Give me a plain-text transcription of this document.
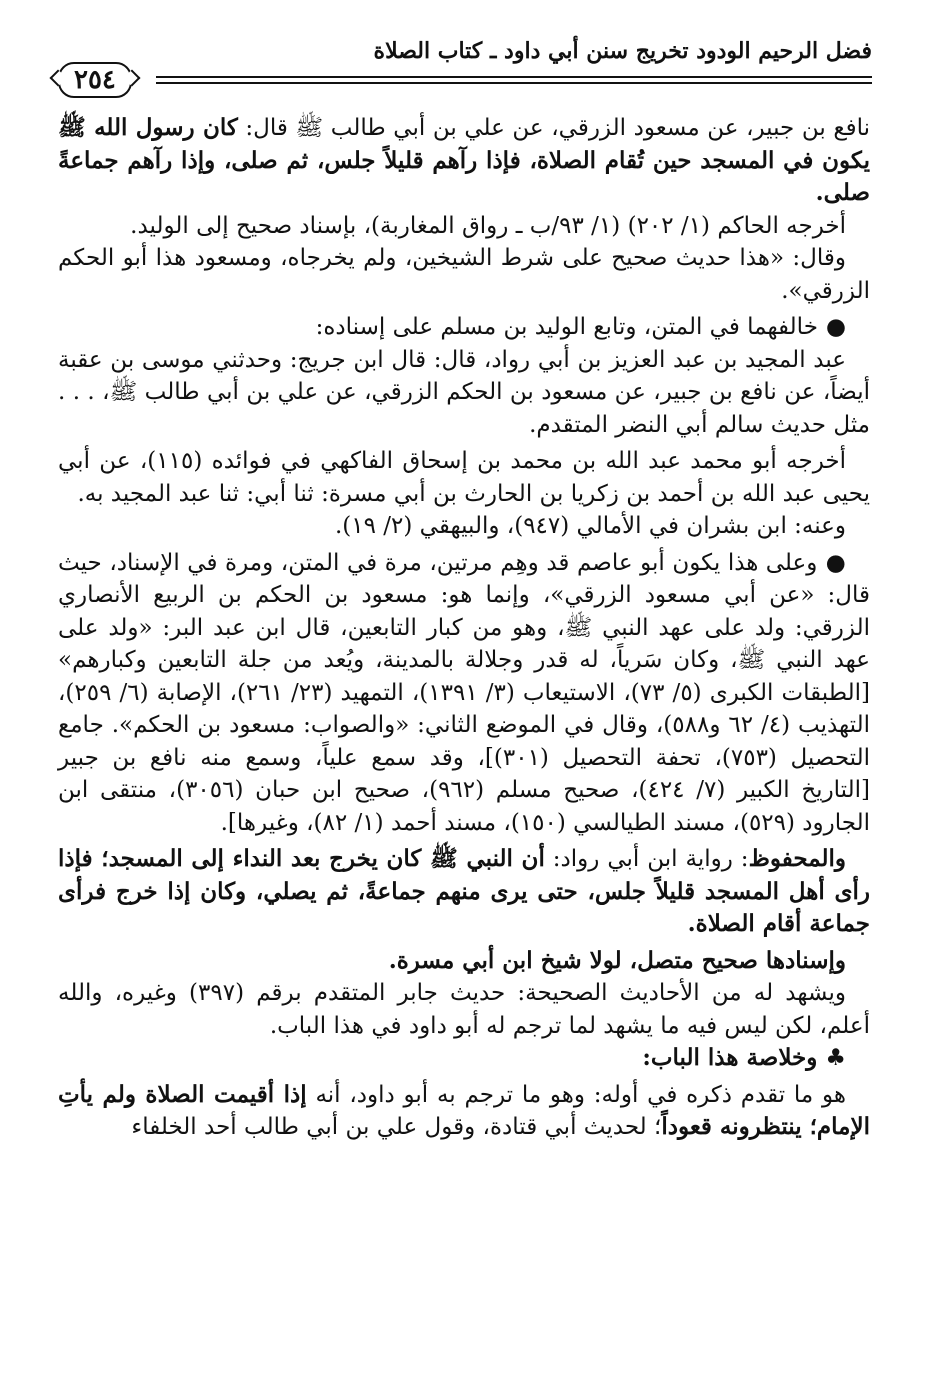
فضل الرحيم الودود تخريج سنن أبي داود ـ كتاب الصلاة
٢٥٤

نافع بن جبير، عن مسعود الزرقي، عن علي بن أبي طالب ﷺ قال: كان رسول الله ﷺ يكون في المسجد حين تُقام الصلاة، فإذا رآهم قليلاً جلس، ثم صلى، وإذا رآهم جماعةً صلى.

أخرجه الحاكم (١/ ٢٠٢) (١/ ٩٣/ب ـ رواق المغاربة)، بإسناد صحيح إلى الوليد.

وقال: «هذا حديث صحيح على شرط الشيخين، ولم يخرجاه، ومسعود هذا أبو الحكم الزرقي».

● خالفهما في المتن، وتابع الوليد بن مسلم على إسناده:

عبد المجيد بن عبد العزيز بن أبي رواد، قال: قال ابن جريج: وحدثني موسى بن عقبة أيضاً، عن نافع بن جبير، عن مسعود بن الحكم الزرقي، عن علي بن أبي طالب ﷺ، . . . مثل حديث سالم أبي النضر المتقدم.

أخرجه أبو محمد عبد الله بن محمد بن إسحاق الفاكهي في فوائده (١١٥)، عن أبي يحيى عبد الله بن أحمد بن زكريا بن الحارث بن أبي مسرة: ثنا أبي: ثنا عبد المجيد به.

وعنه: ابن بشران في الأمالي (٩٤٧)، والبيهقي (٢/ ١٩).

● وعلى هذا يكون أبو عاصم قد وهِم مرتين، مرة في المتن، ومرة في الإسناد، حيث قال: «عن أبي مسعود الزرقي»، وإنما هو: مسعود بن الحكم بن الربيع الأنصاري الزرقي: ولد على عهد النبي ﷺ، وهو من كبار التابعين، قال ابن عبد البر: «ولد على عهد النبي ﷺ، وكان سَرياً، له قدر وجلالة بالمدينة، ويُعد من جلة التابعين وكبارهم» [الطبقات الكبرى (٥/ ٧٣)، الاستيعاب (٣/ ١٣٩١)، التمهيد (٢٣/ ٢٦١)، الإصابة (٦/ ٢٥٩)، التهذيب (٤/ ٦٢ و٥٨٨)، وقال في الموضع الثاني: «والصواب: مسعود بن الحكم». جامع التحصيل (٧٥٣)، تحفة التحصيل (٣٠١)]، وقد سمع علياً، وسمع منه نافع بن جبير [التاريخ الكبير (٧/ ٤٢٤)، صحيح مسلم (٩٦٢)، صحيح ابن حبان (٣٠٥٦)، منتقى ابن الجارود (٥٢٩)، مسند الطيالسي (١٥٠)، مسند أحمد (١/ ٨٢)، وغيرها].

والمحفوظ: رواية ابن أبي رواد: أن النبي ﷺ كان يخرج بعد النداء إلى المسجد؛ فإذا رأى أهل المسجد قليلاً جلس، حتى يرى منهم جماعةً، ثم يصلي، وكان إذا خرج فرأى جماعة أقام الصلاة.

وإسنادها صحيح متصل، لولا شيخ ابن أبي مسرة.

ويشهد له من الأحاديث الصحيحة: حديث جابر المتقدم برقم (٣٩٧) وغيره، والله أعلم، لكن ليس فيه ما يشهد لما ترجم له أبو داود في هذا الباب.

♣ وخلاصة هذا الباب:

هو ما تقدم ذكره في أوله: وهو ما ترجم به أبو داود، أنه إذا أقيمت الصلاة ولم يأتِ الإمام؛ ينتظرونه قعوداً؛ لحديث أبي قتادة، وقول علي بن أبي طالب أحد الخلفاء
